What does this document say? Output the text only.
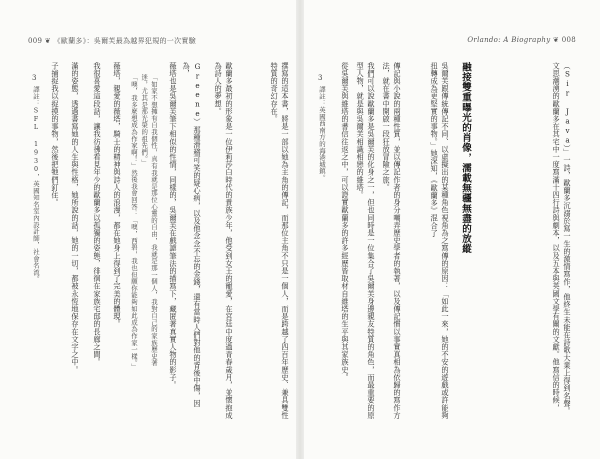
009 ❦ 《歐蘭多》：吳爾芙最為越界犯規的一次實驗	Orlando: A Biography ❦ 008
（Sir Java）」一詩，歐蘭多沉溺於寫一生的激情寫作，他終生未能在詩歌大業上得到名聲。文思潮湧的歐蘭多在其宅中一度寫滿十四行詩與劇本，以及五本與英國文學有關的文獻。他寫信的時候，
融接雙重曝光的肖像，濡載無疆無盡的放縱
吳爾芙跟傳統傳記不同、以虛擬出的某種角色視角為之寫傳的原因：「如此一來，她的不安的遊戲或許能夠扭轉成為更堅實的事物。」她深知，《歐蘭多》混合了
傳記與小說的兩種性質，並以傳記作者的身分嘲弄歷史學者的執著，以及傳記慣以事實真相為依歸的寫作方法，就在書中開啟一段狂放冒險之旅。
我們可以說歐蘭多是吳爾芙的化身之一，但也同時是一位集合了吳爾芙身邊親友特質的角色，而最重要的原型人物，就是與吳爾芙相識相戀的維塔。
從吳爾芙與維塔的書信往返之中，可以證實歐蘭多的許多經歷皆取材自維塔的生平與其家族史。
3
譯註：英國西南方的海港城鎮。
撰寫的這本書，將是一部以她為主角的傳記，而那位主角不只是一個人，而是跨越了四百年歷史、兼具雙性特質的奇幻存在。
歐蘭多最初的形象是一位伊莉莎白時代的貴族少年，他受到女王的寵愛，在宮廷中度過青春歲月，並懷抱成為詩人的夢想。
Greene）那種滑稽可笑的疑心病，以及他念念不忘的金錢，還有當時人們對他的背後中傷，因為，
薇塔也是吳爾芙筆下相似的性情，同樣的，吳爾芙在戲謔筆法的描寫下，藏匿著真實人物的影子。
「如家不想擁有自我個性，真有我就是那位心靈的自由，我就是那一個人，我對自己的家族歷史著迷，尤其是那光榮的祖先們。」
「噢，我多麼想成為作家啊！」然後我會回答：「噢，西碧，我也但願你能夠如此成為作家一樣。」
薇塔，親愛的薇塔，騎士的精神與詩人的浪漫，都在她身上得到了完美的體現。
我很喜愛這段話，讓我彷彿看見年少的歐蘭多以孤獨的姿態，徘徊在家族宅邸的長廊之間。
滿的姿態，透過書寫她的人生與性格，她所說的話，她的一切，都被永恆地保存在文字之中。
子捕捉我以捉摸的事物，然後把牠們釘住。
3
譯註：SFL 1930，英國知名室內設計師，社會名流。
